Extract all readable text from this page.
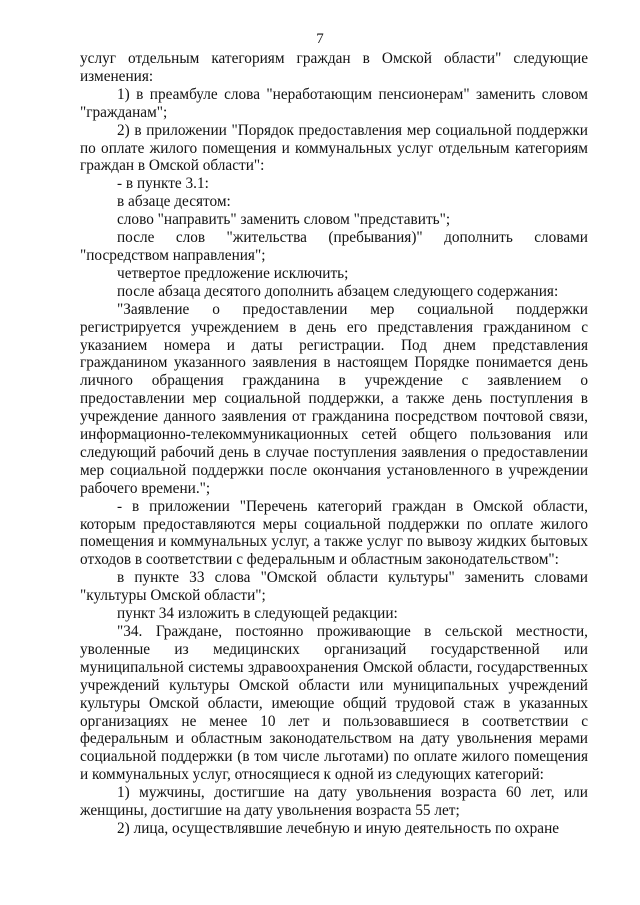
7

услуг отдельным категориям граждан в Омской области" следующие изменения:

1) в преамбуле слова "неработающим пенсионерам" заменить словом "гражданам";

2) в приложении "Порядок предоставления мер социальной поддержки по оплате жилого помещения и коммунальных услуг отдельным категориям граждан в Омской области":

- в пункте 3.1:

в абзаце десятом:

слово "направить" заменить словом "представить";

после слов "жительства (пребывания)" дополнить словами "посредством направления";

четвертое предложение исключить;

после абзаца десятого дополнить абзацем следующего содержания:

"Заявление о предоставлении мер социальной поддержки регистрируется учреждением в день его представления гражданином с указанием номера и даты регистрации. Под днем представления гражданином указанного заявления в настоящем Порядке понимается день личного обращения гражданина в учреждение с заявлением о предоставлении мер социальной поддержки, а также день поступления в учреждение данного заявления от гражданина посредством почтовой связи, информационно-телекоммуникационных сетей общего пользования или следующий рабочий день в случае поступления заявления о предоставлении мер социальной поддержки после окончания установленного в учреждении рабочего времени.";

- в приложении "Перечень категорий граждан в Омской области, которым предоставляются меры социальной поддержки по оплате жилого помещения и коммунальных услуг, а также услуг по вывозу жидких бытовых отходов в соответствии с федеральным и областным законодательством":

в пункте 33 слова "Омской области культуры" заменить словами "культуры Омской области";

пункт 34 изложить в следующей редакции:

"34. Граждане, постоянно проживающие в сельской местности, уволенные из медицинских организаций государственной или муниципальной системы здравоохранения Омской области, государственных учреждений культуры Омской области или муниципальных учреждений культуры Омской области, имеющие общий трудовой стаж в указанных организациях не менее 10 лет и пользовавшиеся в соответствии с федеральным и областным законодательством на дату увольнения мерами социальной поддержки (в том числе льготами) по оплате жилого помещения и коммунальных услуг, относящиеся к одной из следующих категорий:

1) мужчины, достигшие на дату увольнения возраста 60 лет, или женщины, достигшие на дату увольнения возраста 55 лет;

2) лица, осуществлявшие лечебную и иную деятельность по охране
